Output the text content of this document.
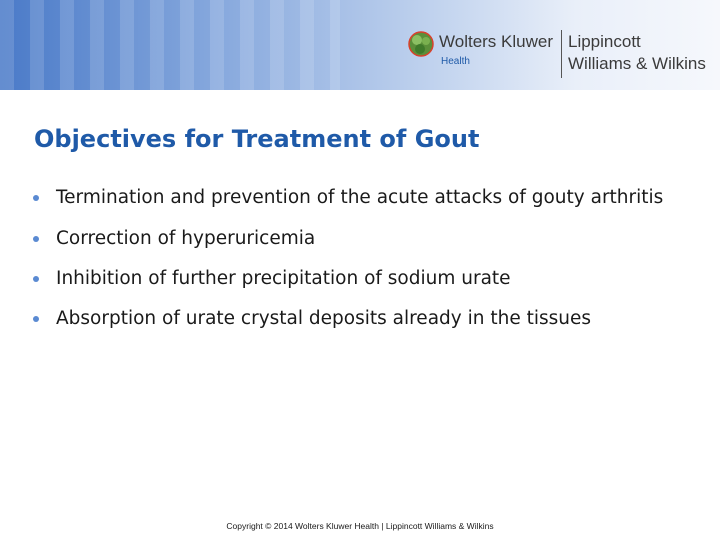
Wolters Kluwer
Health
Lippincott
Williams & Wilkins
Objectives for Treatment of Gout
Termination and prevention of the acute attacks of gouty arthritis
Correction of hyperuricemia
Inhibition of further precipitation of sodium urate
Absorption of urate crystal deposits already in the tissues
Copyright © 2014 Wolters Kluwer Health | Lippincott Williams & Wilkins
